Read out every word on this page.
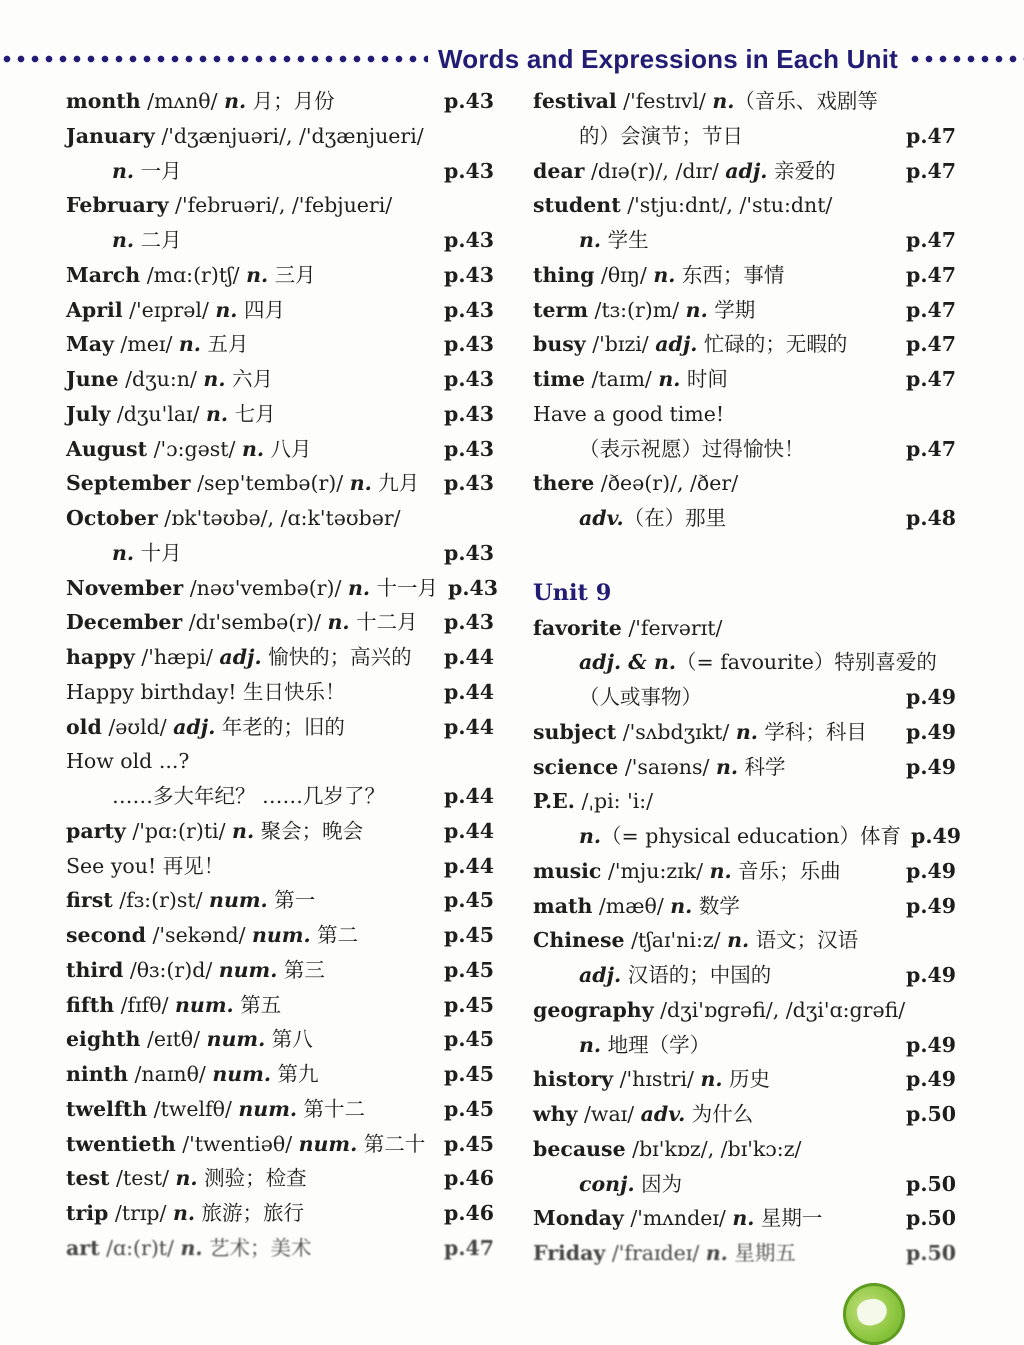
Words and Expressions in Each Unit
month /mʌnθ/ n. 月；月份	p.43
January /'dʒænjuəri/, /'dʒænjueri/
n. 一月	p.43
February /'februəri/, /'febjueri/
n. 二月	p.43
March /mɑ:(r)tʃ/ n. 三月	p.43
April /'eɪprəl/ n. 四月	p.43
May /meɪ/ n. 五月	p.43
June /dʒu:n/ n. 六月	p.43
July /dʒu'laɪ/ n. 七月	p.43
August /'ɔ:gəst/ n. 八月	p.43
September /sep'tembə(r)/ n. 九月 p.43
October /ɒk'təʊbə/, /ɑ:k'təʊbər/
n. 十月	p.43
November /nəʊ'vembə(r)/ n. 十一月 p.43
December /dɪ'sembə(r)/ n. 十二月 p.43
happy /'hæpi/ adj. 愉快的；高兴的 p.44
Happy birthday! 生日快乐！	p.44
old /əʊld/ adj. 年老的；旧的	p.44
How old ...?
……多大年纪？ ……几岁了？	p.44
party /'pɑ:(r)ti/ n. 聚会；晚会	p.44
See you! 再见！	p.44
first /fɜ:(r)st/ num. 第一	p.45
second /'sekənd/ num. 第二	p.45
third /θɜ:(r)d/ num. 第三	p.45
fifth /fɪfθ/ num. 第五	p.45
eighth /eɪtθ/ num. 第八	p.45
ninth /naɪnθ/ num. 第九	p.45
twelfth /twelfθ/ num. 第十二	p.45
twentieth /'twentiəθ/ num. 第二十 p.45
test /test/ n. 测验；检查	p.46
trip /trɪp/ n. 旅游；旅行	p.46
art /ɑ:(r)t/ n. 艺术；美术	p.47
festival /'festɪvl/ n.（音乐、戏剧等
的）会演节；节日	p.47
dear /dɪə(r)/, /dɪr/ adj. 亲爱的	p.47
student /'stju:dnt/, /'stu:dnt/
n. 学生	p.47
thing /θɪŋ/ n. 东西；事情	p.47
term /tɜ:(r)m/ n. 学期	p.47
busy /'bɪzi/ adj. 忙碌的；无暇的	p.47
time /taɪm/ n. 时间	p.47
Have a good time!
（表示祝愿）过得愉快！	p.47
there /ðeə(r)/, /ðer/
adv.（在）那里	p.48
Unit 9
favorite /'feɪvərɪt/
adj. & n.（= favourite）特别喜爱的
（人或事物）	p.49
subject /'sʌbdʒɪkt/ n. 学科；科目 p.49
science /'saɪəns/ n. 科学	p.49
P.E. /ˌpi: 'i:/
n.（= physical education）体育 p.49
music /'mju:zɪk/ n. 音乐；乐曲	p.49
math /mæθ/ n. 数学	p.49
Chinese /tʃaɪ'ni:z/ n. 语文；汉语
adj. 汉语的；中国的	p.49
geography /dʒi'ɒgrəfi/, /dʒi'ɑ:grəfi/
n. 地理（学）	p.49
history /'hɪstri/ n. 历史	p.49
why /waɪ/ adv. 为什么	p.50
because /bɪ'kɒz/, /bɪ'kɔ:z/
conj. 因为	p.50
Monday /'mʌndeɪ/ n. 星期一	p.50
Friday /'fraɪdeɪ/ n. 星期五	p.50
